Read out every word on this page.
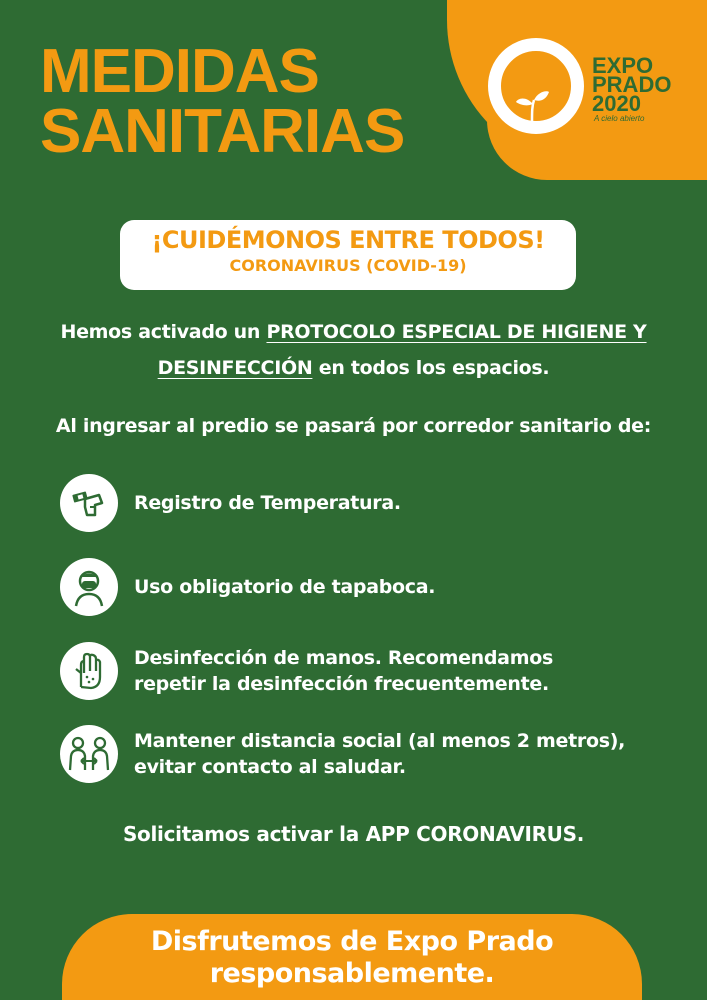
EXPO
PRADO
2020
A cielo abierto
MEDIDAS
SANITARIAS
¡CUIDÉMONOS ENTRE TODOS!
CORONAVIRUS (COVID-19)
Hemos activado un PROTOCOLO ESPECIAL DE HIGIENE Y
DESINFECCIÓN en todos los espacios.
Al ingresar al predio se pasará por corredor sanitario de:
Registro de Temperatura.
Uso obligatorio de tapaboca.
Desinfección de manos. Recomendamos
repetir la desinfección frecuentemente.
Mantener distancia social (al menos 2 metros),
evitar contacto al saludar.
Solicitamos activar la APP CORONAVIRUS.
Disfrutemos de Expo Prado
responsablemente.
